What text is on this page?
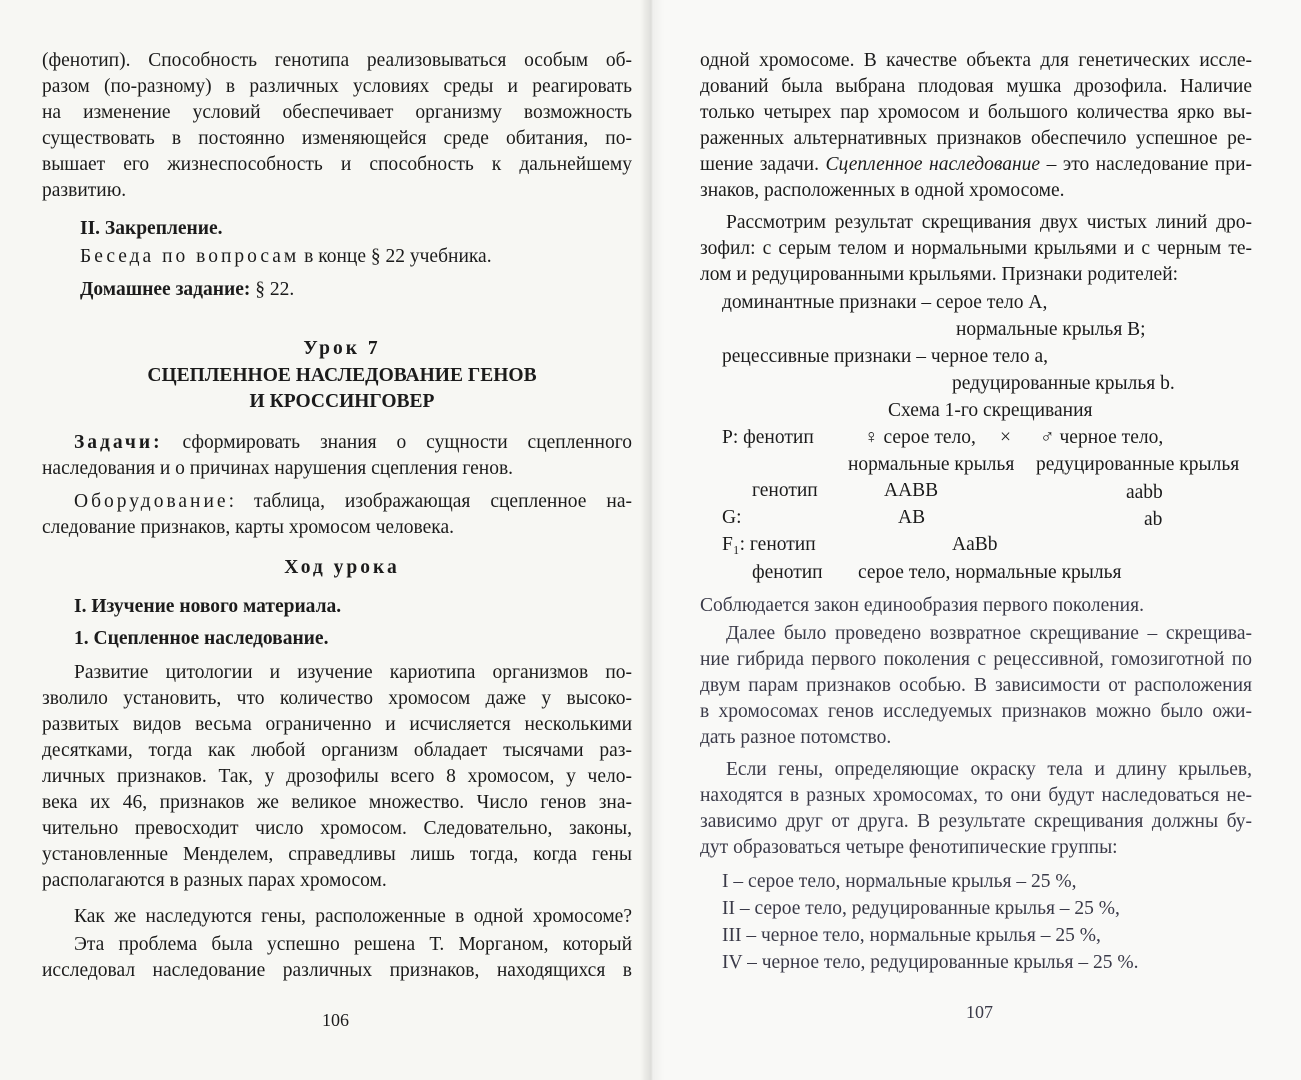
(фенотип). Способность генотипа реализовываться особым об-
разом (по-разному) в различных условиях среды и реагировать
на изменение условий обеспечивает организму возможность
существовать в постоянно изменяющейся среде обитания, по-
вышает его жизнеспособность и способность к дальнейшему
развитию.
II. Закрепление.
Беседа по вопросам в конце § 22 учебника.
Домашнее задание: § 22.
Урок 7
СЦЕПЛЕННОЕ НАСЛЕДОВАНИЕ ГЕНОВ
И КРОССИНГОВЕР
Задачи: сформировать знания о сущности сцепленного
наследования и о причинах нарушения сцепления генов.
Оборудование: таблица, изображающая сцепленное на-
следование признаков, карты хромосом человека.
Ход урока
I. Изучение нового материала.
1. Сцепленное наследование.
Развитие цитологии и изучение кариотипа организмов по-
зволило установить, что количество хромосом даже у высоко-
развитых видов весьма ограниченно и исчисляется несколькими
десятками, тогда как любой организм обладает тысячами раз-
личных признаков. Так, у дрозофилы всего 8 хромосом, у чело-
века их 46, признаков же великое множество. Число генов зна-
чительно превосходит число хромосом. Следовательно, законы,
установленные Менделем, справедливы лишь тогда, когда гены
располагаются в разных парах хромосом.
Как же наследуются гены, расположенные в одной хромосоме?
Эта проблема была успешно решена Т. Морганом, который
исследовал наследование различных признаков, находящихся в
106
одной хромосоме. В качестве объекта для генетических иссле-
дований была выбрана плодовая мушка дрозофила. Наличие
только четырех пар хромосом и большого количества ярко вы-
раженных альтернативных признаков обеспечило успешное ре-
шение задачи. Сцепленное наследование – это наследование при-
знаков, расположенных в одной хромосоме.
Рассмотрим результат скрещивания двух чистых линий дро-
зофил: с серым телом и нормальными крыльями и с черным те-
лом и редуцированными крыльями. Признаки родителей:
доминантные признаки – серое тело А,
нормальные крылья В;
рецессивные признаки – черное тело а,
редуцированные крылья b.
Схема 1-го скрещивания
P: фенотип	♀ серое тело, × ♂ черное тело,
нормальные крылья редуцированные крылья
генотип	AABB	aabb
G:	AB	ab
F₁: генотип	AaBb
фенотип серое тело, нормальные крылья
Соблюдается закон единообразия первого поколения.
Далее было проведено возвратное скрещивание – скрещива-
ние гибрида первого поколения с рецессивной, гомозиготной по
двум парам признаков особью. В зависимости от расположения
в хромосомах генов исследуемых признаков можно было ожи-
дать разное потомство.
Если гены, определяющие окраску тела и длину крыльев,
находятся в разных хромосомах, то они будут наследоваться не-
зависимо друг от друга. В результате скрещивания должны бу-
дут образоваться четыре фенотипические группы:
I – серое тело, нормальные крылья – 25 %,
II – серое тело, редуцированные крылья – 25 %,
III – черное тело, нормальные крылья – 25 %,
IV – черное тело, редуцированные крылья – 25 %.
107
